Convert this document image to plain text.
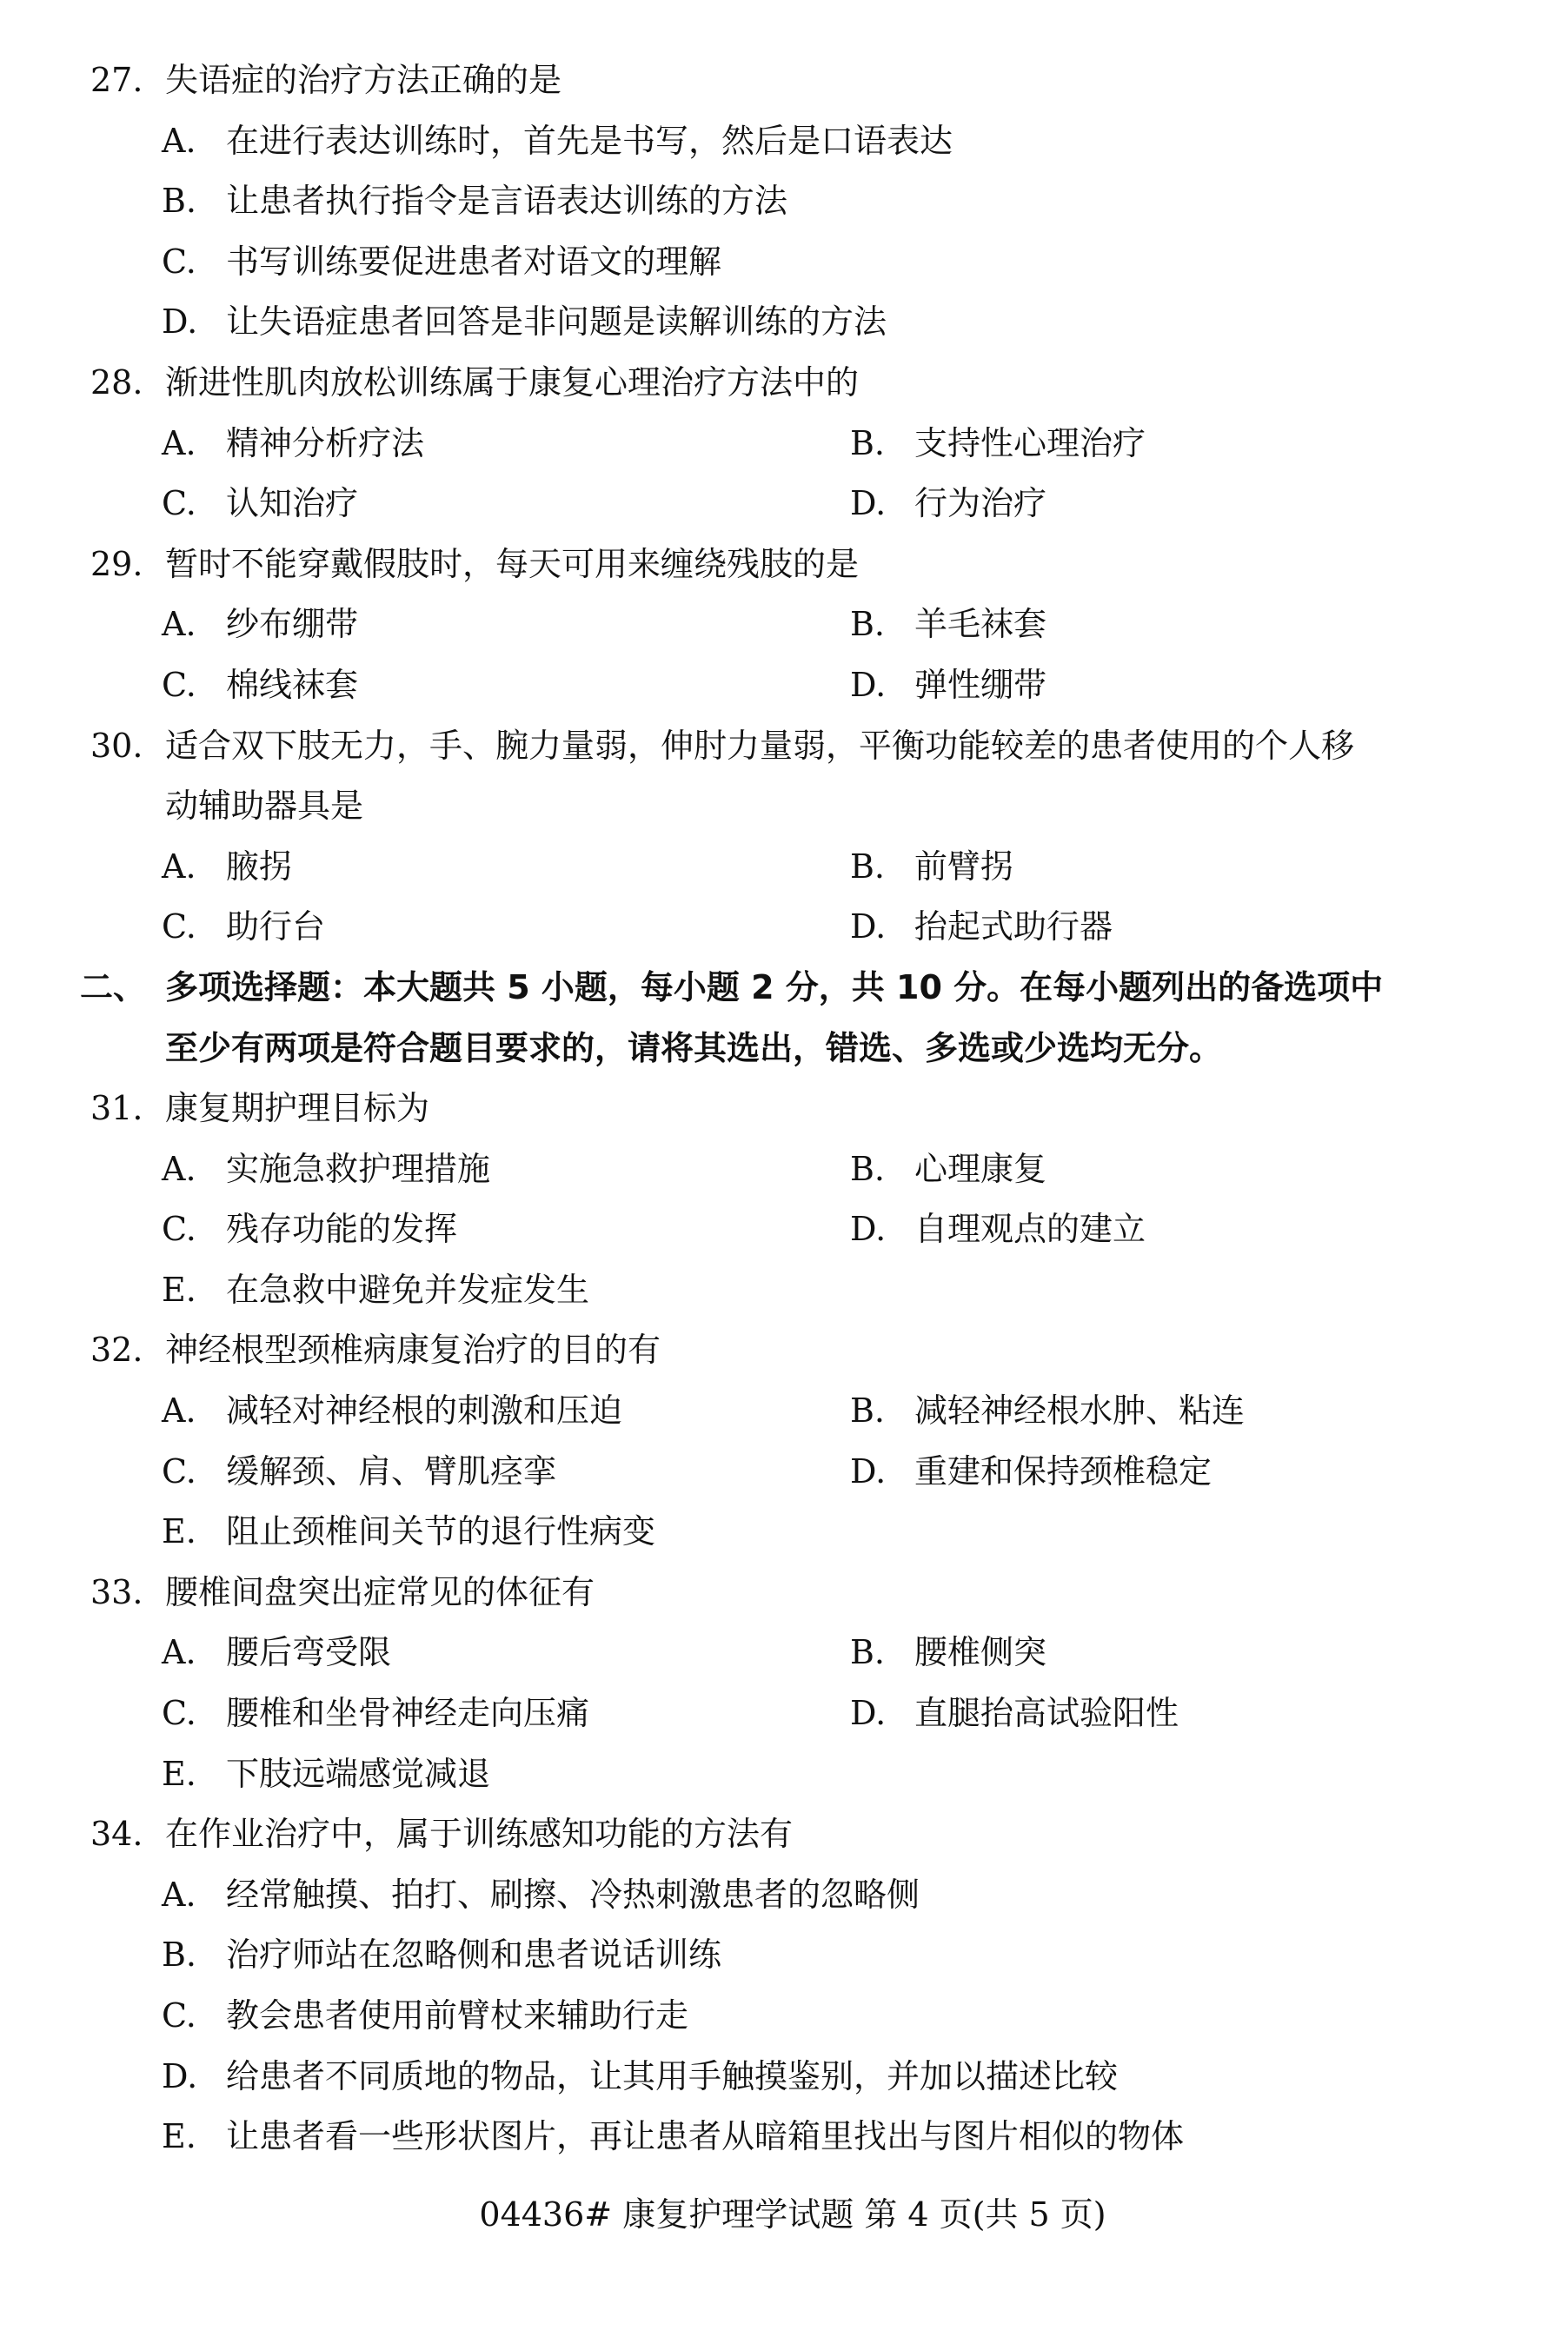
27. 失语症的治疗方法正确的是
A. 在进行表达训练时，首先是书写，然后是口语表达
B. 让患者执行指令是言语表达训练的方法
C. 书写训练要促进患者对语文的理解
D. 让失语症患者回答是非问题是读解训练的方法
28. 渐进性肌肉放松训练属于康复心理治疗方法中的
A. 精神分析疗法	B. 支持性心理治疗
C. 认知治疗	D. 行为治疗
29. 暂时不能穿戴假肢时，每天可用来缠绕残肢的是
A. 纱布绷带	B. 羊毛袜套
C. 棉线袜套	D. 弹性绷带
30. 适合双下肢无力，手、腕力量弱，伸肘力量弱，平衡功能较差的患者使用的个人移
动辅助器具是
A. 腋拐	B. 前臂拐
C. 助行台	D. 抬起式助行器
二、 多项选择题：本大题共 5 小题，每小题 2 分，共 10 分。在每小题列出的备选项中
至少有两项是符合题目要求的，请将其选出，错选、多选或少选均无分。
31. 康复期护理目标为
A. 实施急救护理措施	B. 心理康复
C. 残存功能的发挥	D. 自理观点的建立
E. 在急救中避免并发症发生
32. 神经根型颈椎病康复治疗的目的有
A. 减轻对神经根的刺激和压迫	B. 减轻神经根水肿、粘连
C. 缓解颈、肩、臂肌痉挛	D. 重建和保持颈椎稳定
E. 阻止颈椎间关节的退行性病变
33. 腰椎间盘突出症常见的体征有
A. 腰后弯受限	B. 腰椎侧突
C. 腰椎和坐骨神经走向压痛	D. 直腿抬高试验阳性
E. 下肢远端感觉减退
34. 在作业治疗中，属于训练感知功能的方法有
A. 经常触摸、拍打、刷擦、冷热刺激患者的忽略侧
B. 治疗师站在忽略侧和患者说话训练
C. 教会患者使用前臂杖来辅助行走
D. 给患者不同质地的物品，让其用手触摸鉴别，并加以描述比较
E. 让患者看一些形状图片，再让患者从暗箱里找出与图片相似的物体
04436# 康复护理学试题 第 4 页(共 5 页)
